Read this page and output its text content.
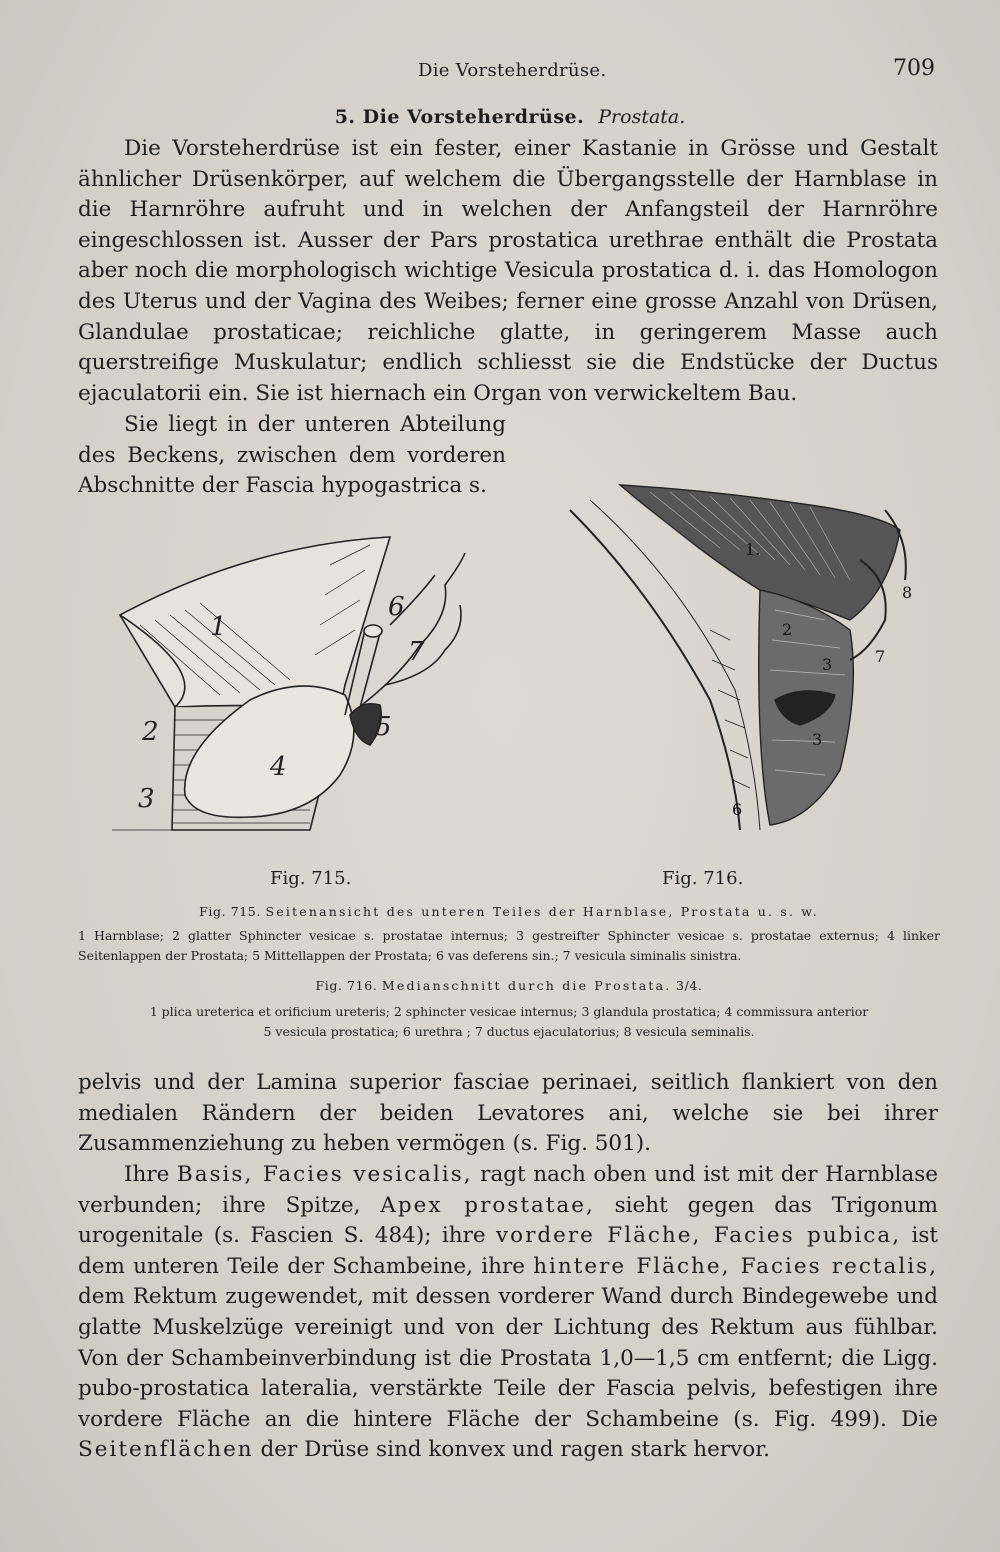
Die Vorsteherdrüse.	709
5. Die Vorsteherdrüse. Prostata.

Die Vorsteherdrüse ist ein fester, einer Kastanie in Grösse und Gestalt ähnlicher Drüsenkörper, auf welchem die Übergangsstelle der Harnblase in die Harnröhre aufruht und in welchen der Anfangsteil der Harnröhre eingeschlossen ist. Ausser der Pars prostatica urethrae enthält die Prostata aber noch die morphologisch wichtige Vesicula prostatica d. i. das Homologon des Uterus und der Vagina des Weibes; ferner eine grosse Anzahl von Drüsen, Glandulae prostaticae; reichliche glatte, in geringerem Masse auch querstreifige Muskulatur; endlich schliesst sie die Endstücke der Ductus ejaculatorii ein. Sie ist hiernach ein Organ von verwickeltem Bau.

Sie liegt in der unteren Abteilung des Beckens, zwischen dem vorderen Abschnitte der Fascia hypogastrica s.

1
2
3
4
5
6
7
1.
2
3
3
6
7
8
Fig. 715.	Fig. 716.
Fig. 715. Seitenansicht des unteren Teiles der Harnblase, Prostata u. s. w.
1 Harnblase; 2 glatter Sphincter vesicae s. prostatae internus; 3 gestreifter Sphincter vesicae s. prostatae externus; 4 linker Seitenlappen der Prostata; 5 Mittellappen der Prostata; 6 vas deferens sin.; 7 vesicula siminalis sinistra.
Fig. 716. Medianschnitt durch die Prostata. 3/4.
1 plica ureterica et orificium ureteris; 2 sphincter vesicae internus; 3 glandula prostatica; 4 commissura anterior
5 vesicula prostatica; 6 urethra ; 7 ductus ejaculatorius; 8 vesicula seminalis.

pelvis und der Lamina superior fasciae perinaei, seitlich flankiert von den medialen Rändern der beiden Levatores ani, welche sie bei ihrer Zusammenziehung zu heben vermögen (s. Fig. 501).

Ihre Basis, Facies vesicalis, ragt nach oben und ist mit der Harnblase verbunden; ihre Spitze, Apex prostatae, sieht gegen das Trigonum urogenitale (s. Fascien S. 484); ihre vordere Fläche, Facies pubica, ist dem unteren Teile der Schambeine, ihre hintere Fläche, Facies rectalis, dem Rektum zugewendet, mit dessen vorderer Wand durch Bindegewebe und glatte Muskelzüge vereinigt und von der Lichtung des Rektum aus fühlbar. Von der Schambeinverbindung ist die Prostata 1,0—1,5 cm entfernt; die Ligg. pubo-prostatica lateralia, verstärkte Teile der Fascia pelvis, befestigen ihre vordere Fläche an die hintere Fläche der Schambeine (s. Fig. 499). Die Seitenflächen der Drüse sind konvex und ragen stark hervor.
